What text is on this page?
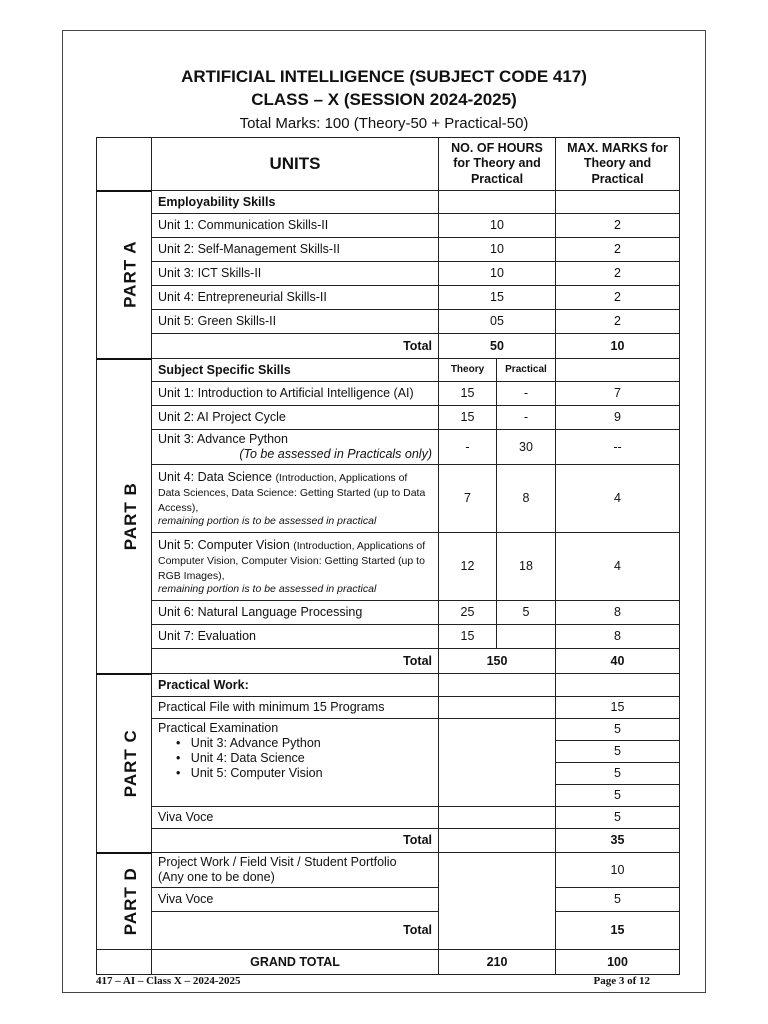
ARTIFICIAL INTELLIGENCE (SUBJECT CODE 417)
CLASS – X (SESSION 2024-2025)
Total Marks: 100 (Theory-50 + Practical-50)
	UNITS	NO. OF HOURS for Theory and Practical		MAX. MARKS for Theory and Practical
PART A	Employability Skills			
	Unit 1: Communication Skills-II	10		2
	Unit 2: Self-Management Skills-II	10		2
	Unit 3: ICT Skills-II	10		2
	Unit 4: Entrepreneurial Skills-II	15		2
	Unit 5: Green Skills-II	05		2
	Total	50		10
PART B	Subject Specific Skills	Theory	Practical	
	Unit 1: Introduction to Artificial Intelligence (AI)	15	-	7
	Unit 2: AI Project Cycle	15	-	9

	Unit 3: Advance Python
(To be assessed in Practicals only)	-	30	--
	Unit 4: Data Science (Introduction, Applications of Data Sciences, Data Science: Getting Started (up to Data Access),
remaining portion is to be assessed in practical	7	8	4
	Unit 5: Computer Vision (Introduction, Applications of Computer Vision, Computer Vision: Getting Started (up to RGB Images),
remaining portion is to be assessed in practical	12	18	4
	Unit 6: Natural Language Processing	25	5	8
	Unit 7: Evaluation	15		8
	Total	150		40
PART C	Practical Work:			
	Practical File with minimum 15 Programs			15

	Practical Examination
•   Unit 3: Advance Python
•   Unit 4: Data Science
•   Unit 5: Computer Vision			5
				5
				5
				5
	Viva Voce			5
	Total			35
PART D	Project Work / Field Visit / Student Portfolio
(Any one to be done)			10
	Viva Voce			5
	Total			15
	GRAND TOTAL	210		100
417 – AI – Class X – 2024-2025	Page 3 of 12
